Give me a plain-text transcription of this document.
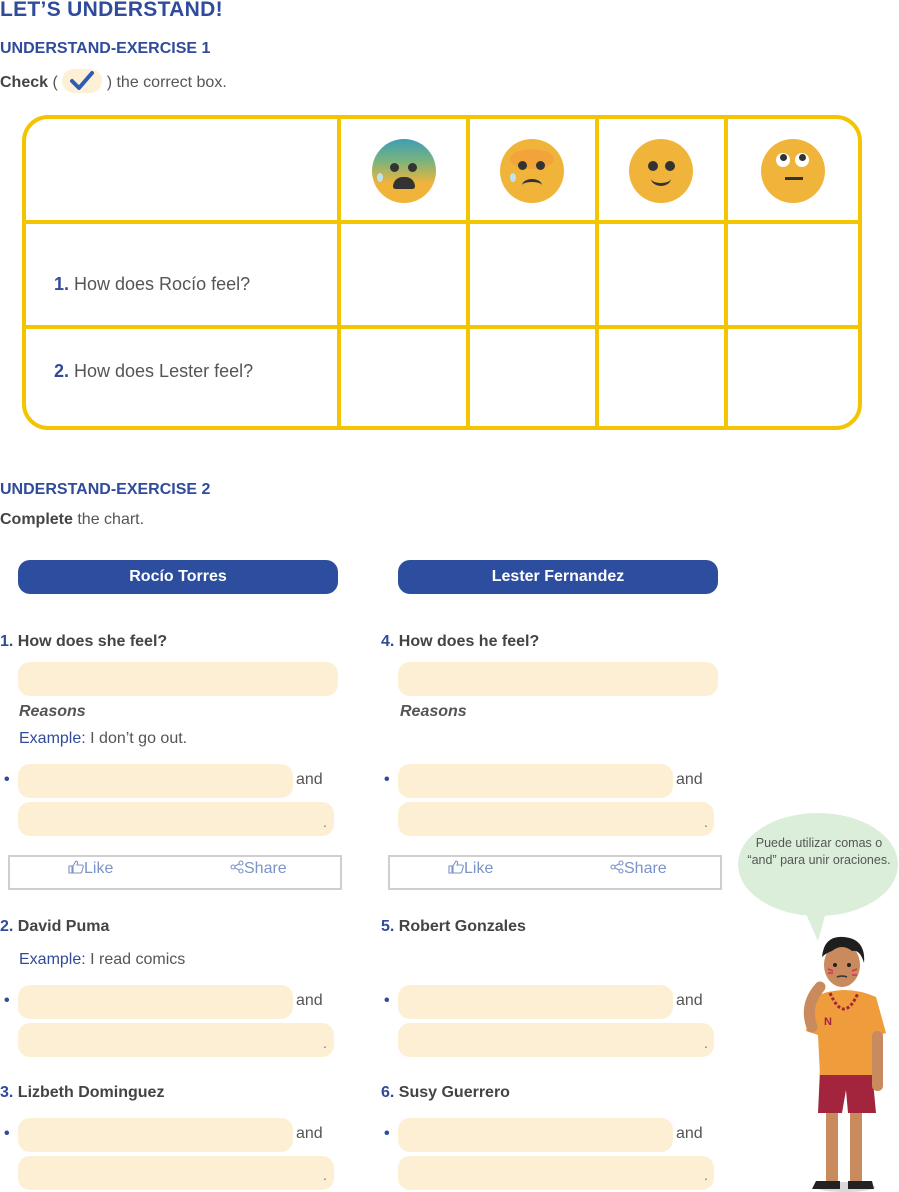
LET’S UNDERSTAND!
UNDERSTAND-EXERCISE 1
Check (	) the correct box.
1. How does Rocío feel?
2. How does Lester feel?
UNDERSTAND-EXERCISE 2
Complete the chart.
Rocío Torres	Lester Fernandez
1. How does she feel?
Reasons
Example: I don’t go out.
•	and
.
Like	Share
4. How does he feel?
Reasons
•	and
.
Like	Share
2. David Puma
Example: I read comics
•	and
.
5. Robert Gonzales
•	and
.
3. Lizbeth Dominguez
•	and
.
6. Susy Guerrero
•	and
.
Puede utilizar comas o “and” para unir oraciones.
N
